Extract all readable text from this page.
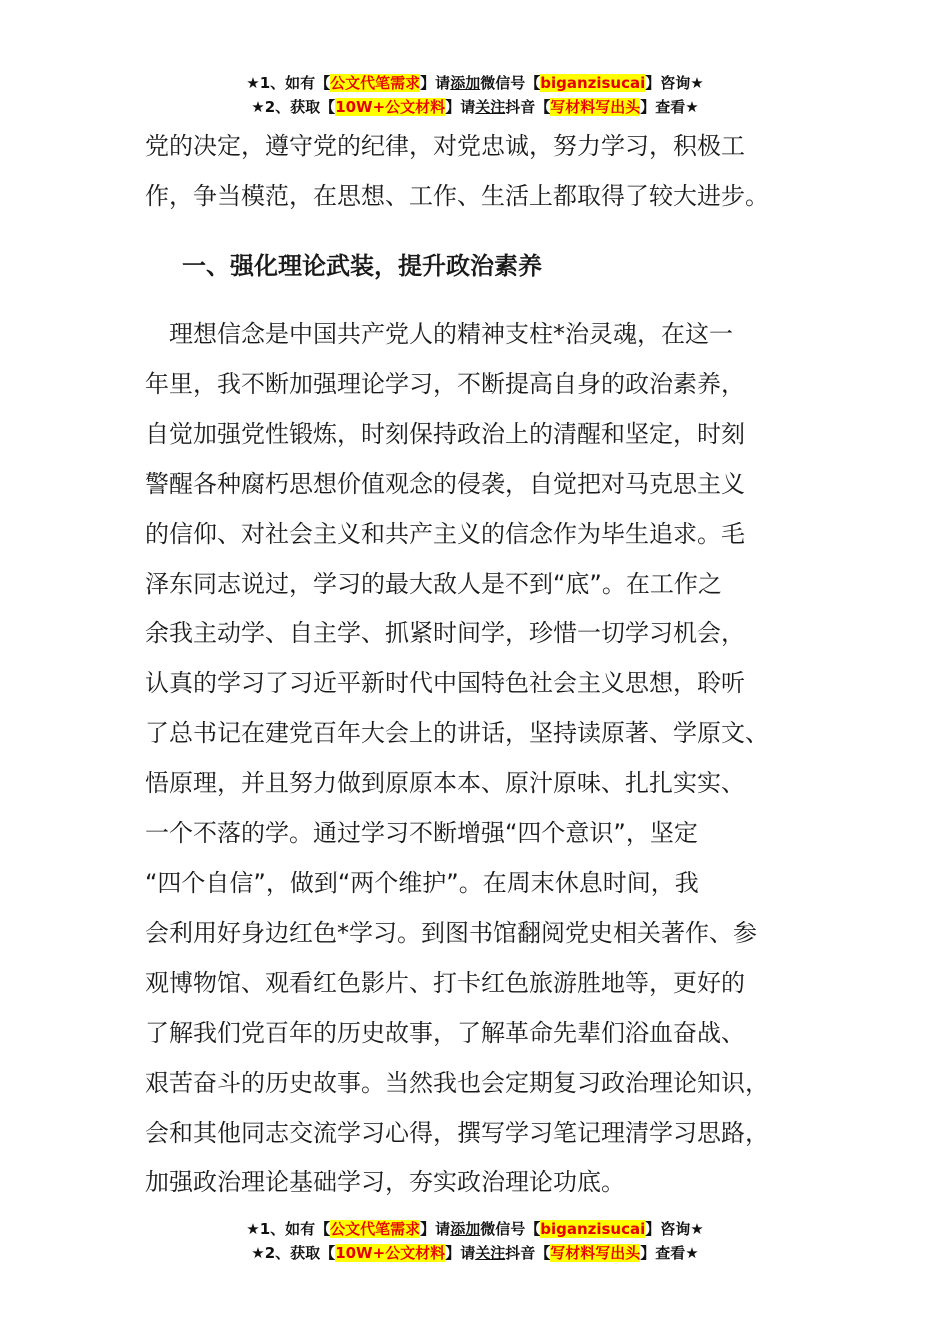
★1、如有【公文代笔需求】请添加微信号【biganzisucai】咨询★
★2、获取【10W+公文材料】请关注抖音【写材料写出头】查看★
党的决定，遵守党的纪律，对党忠诚，努力学习，积极工
作，争当模范，在思想、工作、生活上都取得了较大进步。
一、强化理论武装，提升政治素养
　理想信念是中国共产党人的精神支柱*治灵魂，在这一
年里，我不断加强理论学习，不断提高自身的政治素养，
自觉加强党性锻炼，时刻保持政治上的清醒和坚定，时刻
警醒各种腐朽思想价值观念的侵袭，自觉把对马克思主义
的信仰、对社会主义和共产主义的信念作为毕生追求。毛
泽东同志说过，学习的最大敌人是不到“底”。在工作之
余我主动学、自主学、抓紧时间学，珍惜一切学习机会，
认真的学习了习近平新时代中国特色社会主义思想，聆听
了总书记在建党百年大会上的讲话，坚持读原著、学原文、
悟原理，并且努力做到原原本本、原汁原味、扎扎实实、
一个不落的学。通过学习不断增强“四个意识”，坚定
“四个自信”，做到“两个维护”。在周末休息时间，我
会利用好身边红色*学习。到图书馆翻阅党史相关著作、参
观博物馆、观看红色影片、打卡红色旅游胜地等，更好的
了解我们党百年的历史故事，了解革命先辈们浴血奋战、
艰苦奋斗的历史故事。当然我也会定期复习政治理论知识，
会和其他同志交流学习心得，撰写学习笔记理清学习思路，
加强政治理论基础学习，夯实政治理论功底。
★1、如有【公文代笔需求】请添加微信号【biganzisucai】咨询★
★2、获取【10W+公文材料】请关注抖音【写材料写出头】查看★
